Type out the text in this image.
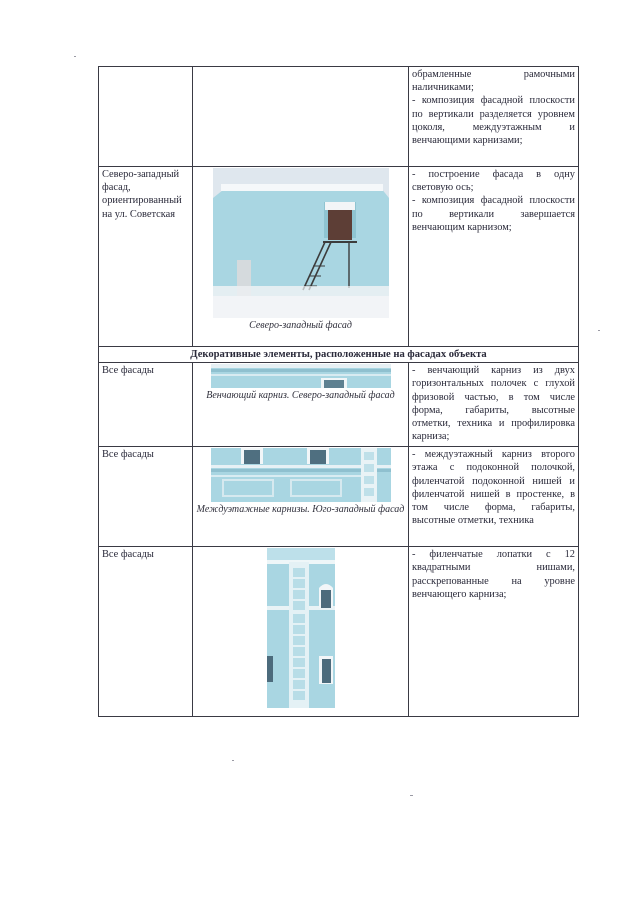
		обрамленные рамочными наличниками;
- композиция фасадной плоскости по вертикали разделяется уровнем цоколя, междуэтажным и венчающими карнизами;
Северо-западный фасад, ориентированный на ул. Советская	Северо-западный фасад	- построение фасада в одну световую ось;
- композиция фасадной плоскости по вертикали завершается венчающим карнизом;
Декоративные элементы, расположенные на фасадах объекта		
Все фасады	Венчающий карниз. Северо-западный фасад	- венчающий карниз из двух горизонтальных полочек с глухой фризовой частью, в том числе форма, габариты, высотные отметки, техника и профилировка карниза;
Все фасады	Междуэтажные карнизы. Юго-западный фасад	- междуэтажный карниз второго этажа с подоконной полочкой, филенчатой подоконной нишей и филенчатой нишей в простенке, в том числе форма, габариты, высотные отметки, техника
Все фасады		- филенчатые лопатки с 12 квадратными нишами, расскрепованные на уровне венчающего карниза;
